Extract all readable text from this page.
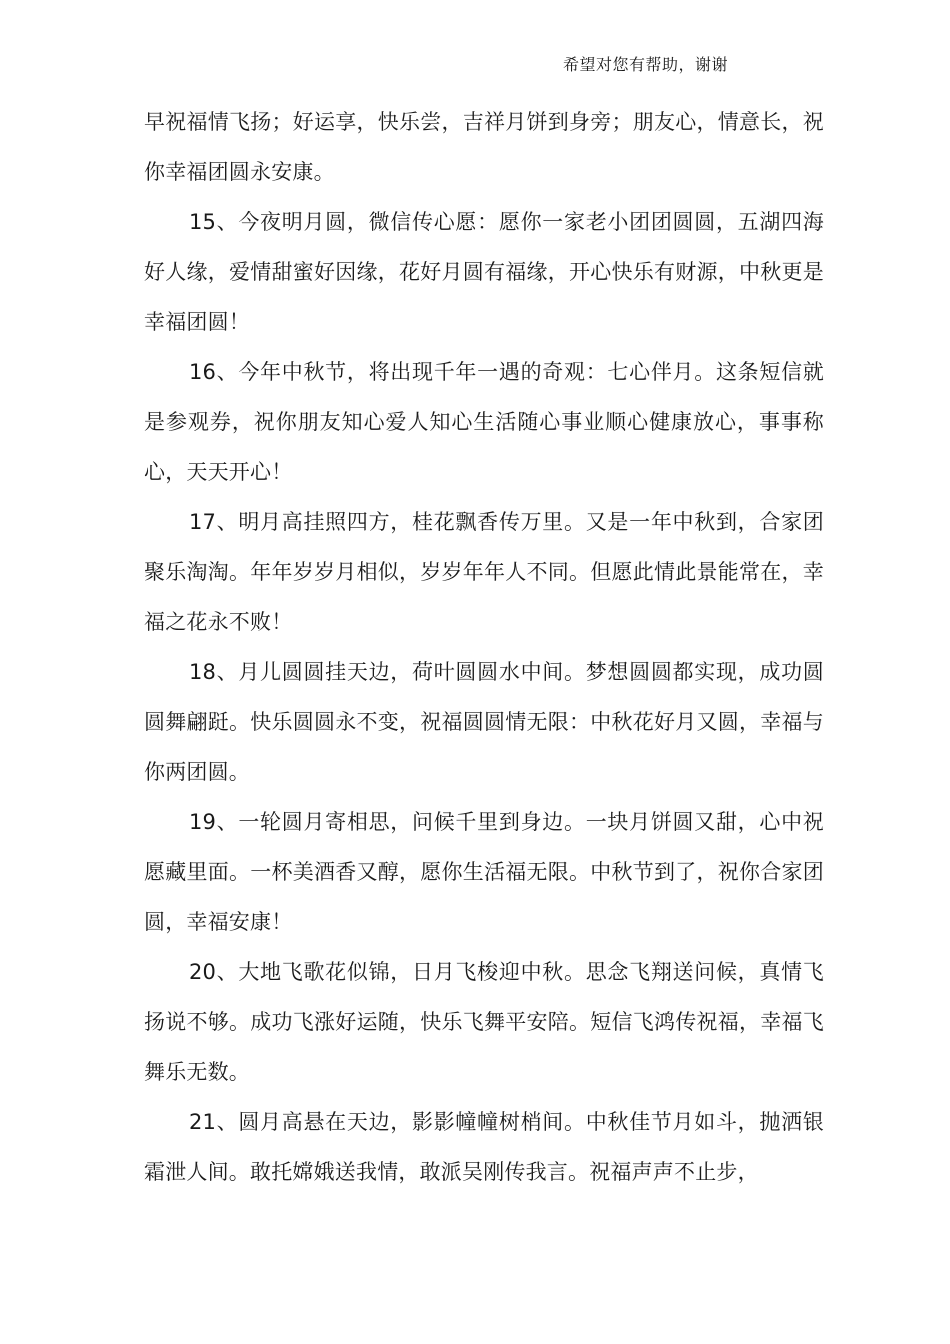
希望对您有帮助，谢谢

早祝福情飞扬；好运享，快乐尝，吉祥月饼到身旁；朋友心，情意长，祝你幸福团圆永安康。

15、今夜明月圆，微信传心愿：愿你一家老小团团圆圆，五湖四海好人缘，爱情甜蜜好因缘，花好月圆有福缘，开心快乐有财源，中秋更是幸福团圆！

16、今年中秋节，将出现千年一遇的奇观：七心伴月。这条短信就是参观券，祝你朋友知心爱人知心生活随心事业顺心健康放心，事事称心，天天开心！

17、明月高挂照四方，桂花飘香传万里。又是一年中秋到，合家团聚乐淘淘。年年岁岁月相似，岁岁年年人不同。但愿此情此景能常在，幸福之花永不败！

18、月儿圆圆挂天边，荷叶圆圆水中间。梦想圆圆都实现，成功圆圆舞翩跹。快乐圆圆永不变，祝福圆圆情无限：中秋花好月又圆，幸福与你两团圆。

19、一轮圆月寄相思，问候千里到身边。一块月饼圆又甜，心中祝愿藏里面。一杯美酒香又醇，愿你生活福无限。中秋节到了，祝你合家团圆，幸福安康！

20、大地飞歌花似锦，日月飞梭迎中秋。思念飞翔送问候，真情飞扬说不够。成功飞涨好运随，快乐飞舞平安陪。短信飞鸿传祝福，幸福飞舞乐无数。

21、圆月高悬在天边，影影幢幢树梢间。中秋佳节月如斗，抛洒银霜泄人间。敢托嫦娥送我情，敢派吴刚传我言。祝福声声不止步，
